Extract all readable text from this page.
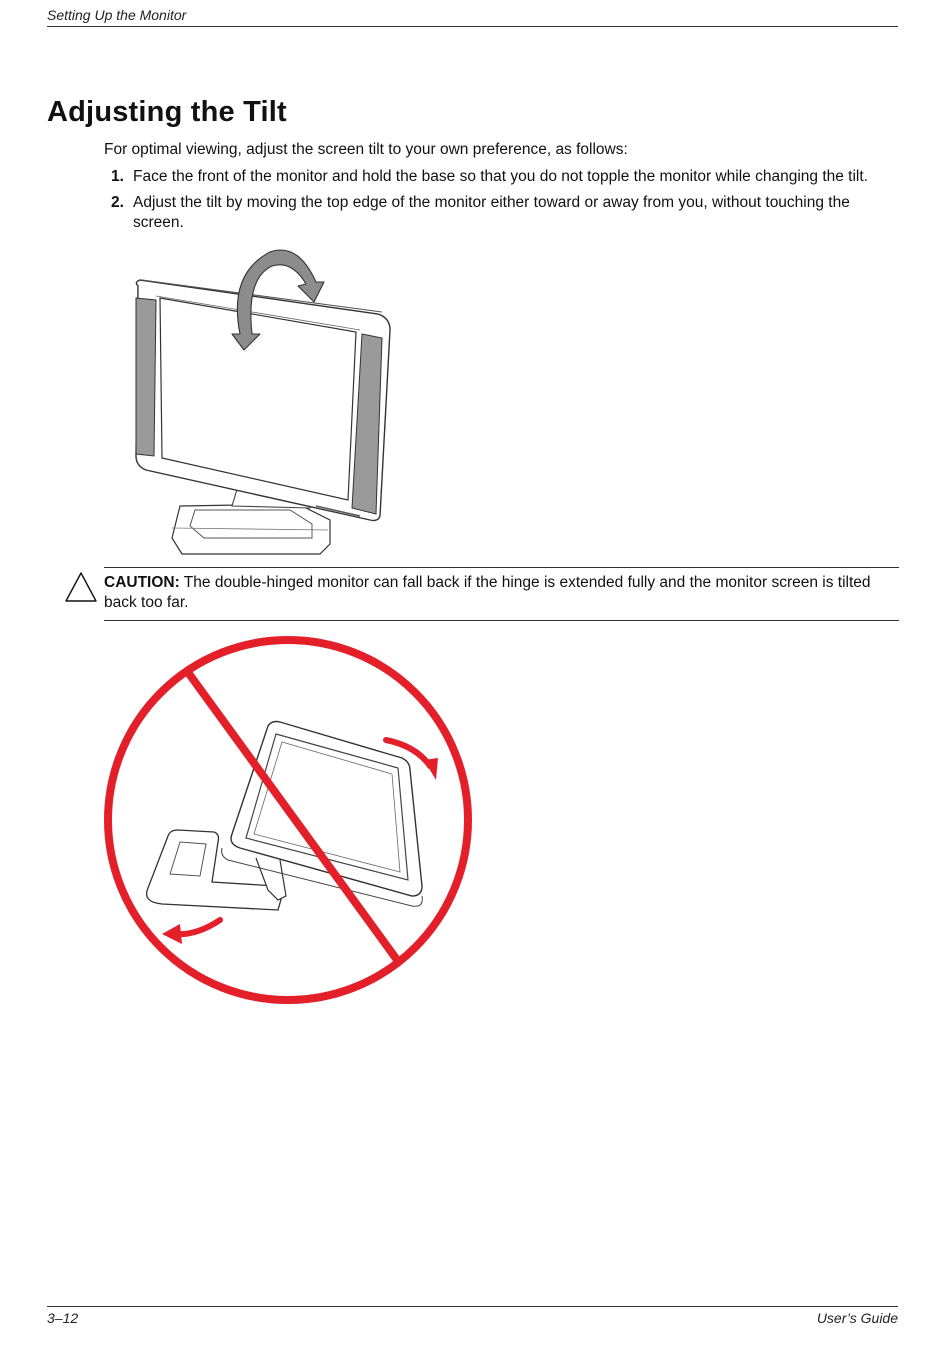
Setting Up the Monitor
Adjusting the Tilt
For optimal viewing, adjust the screen tilt to your own preference, as follows:
1. Face the front of the monitor and hold the base so that you do not topple the monitor while changing the tilt.
2. Adjust the tilt by moving the top edge of the monitor either toward or away from you, without touching the screen.
CAUTION: The double-hinged monitor can fall back if the hinge is extended fully and the monitor screen is tilted back too far.
3–12	User’s Guide
